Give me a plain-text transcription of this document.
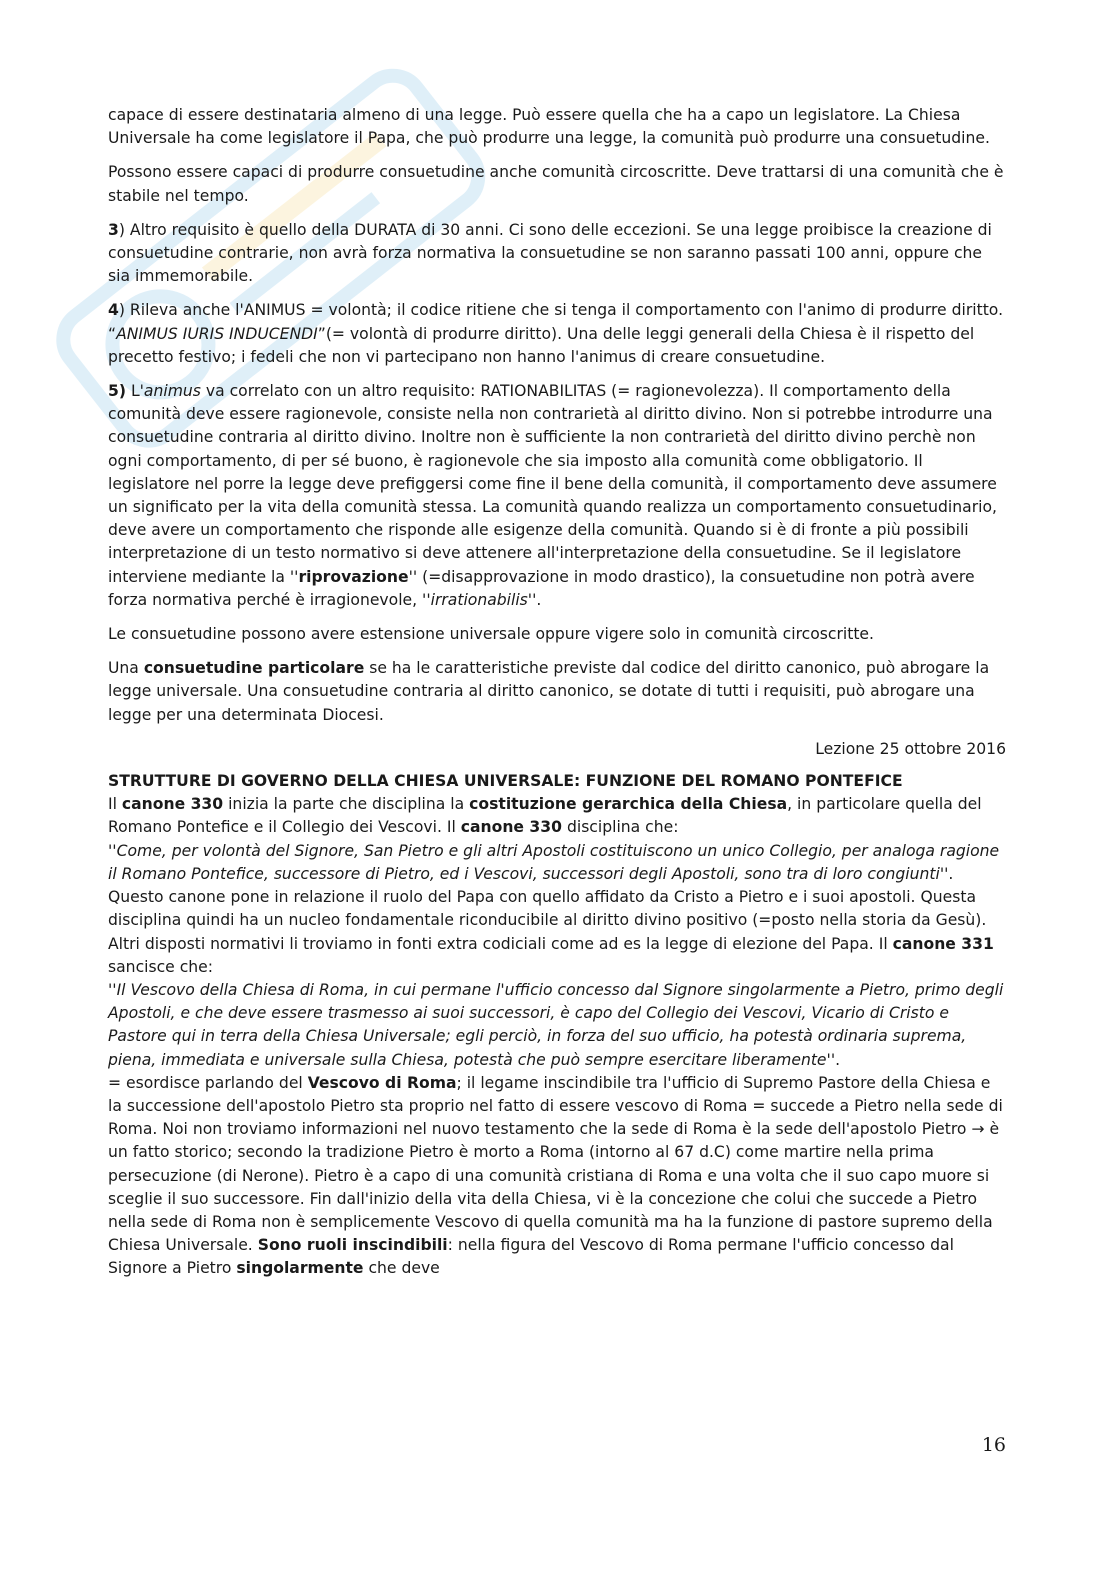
capace di essere destinataria almeno di una legge. Può essere quella che ha a capo un legislatore. La Chiesa Universale ha come legislatore il Papa, che può produrre una legge, la comunità può produrre una consuetudine.

Possono essere capaci di produrre consuetudine anche comunità circoscritte. Deve trattarsi di una comunità che è stabile nel tempo.

3) Altro requisito è quello della DURATA di 30 anni. Ci sono delle eccezioni. Se una legge proibisce la creazione di consuetudine contrarie, non avrà forza normativa la consuetudine se non saranno passati 100 anni, oppure che sia immemorabile.

4) Rileva anche l'ANIMUS = volontà; il codice ritiene che si tenga il comportamento con l'animo di produrre diritto. “ANIMUS IURIS INDUCENDI”(= volontà di produrre diritto). Una delle leggi generali della Chiesa è il rispetto del precetto festivo; i fedeli che non vi partecipano non hanno l'animus di creare consuetudine.

5) L'animus va correlato con un altro requisito: RATIONABILITAS (= ragionevolezza). Il comportamento della comunità deve essere ragionevole, consiste nella non contrarietà al diritto divino. Non si potrebbe introdurre una consuetudine contraria al diritto divino. Inoltre non è sufficiente la non contrarietà del diritto divino perchè non ogni comportamento, di per sé buono, è ragionevole che sia imposto alla comunità come obbligatorio. Il legislatore nel porre la legge deve prefiggersi come fine il bene della comunità, il comportamento deve assumere un significato per la vita della comunità stessa. La comunità quando realizza un comportamento consuetudinario, deve avere un comportamento che risponde alle esigenze della comunità. Quando si è di fronte a più possibili interpretazione di un testo normativo si deve attenere all'interpretazione della consuetudine. Se il legislatore interviene mediante la ''riprovazione'' (=disapprovazione in modo drastico), la consuetudine non potrà avere forza normativa perché è irragionevole, ''irrationabilis''.

Le consuetudine possono avere estensione universale oppure vigere solo in comunità circoscritte.

Una consuetudine particolare se ha le caratteristiche previste dal codice del diritto canonico, può abrogare la legge universale. Una consuetudine contraria al diritto canonico, se dotate di tutti i requisiti, può abrogare una legge per una determinata Diocesi.

Lezione 25 ottobre 2016

STRUTTURE DI GOVERNO DELLA CHIESA UNIVERSALE: FUNZIONE DEL ROMANO PONTEFICE

Il canone 330 inizia la parte che disciplina la costituzione gerarchica della Chiesa, in particolare quella del Romano Pontefice e il Collegio dei Vescovi. Il canone 330 disciplina che:

''Come, per volontà del Signore, San Pietro e gli altri Apostoli costituiscono un unico Collegio, per analoga ragione il Romano Pontefice, successore di Pietro, ed i Vescovi, successori degli Apostoli, sono tra di loro congiunti''.

Questo canone pone in relazione il ruolo del Papa con quello affidato da Cristo a Pietro e i suoi apostoli. Questa disciplina quindi ha un nucleo fondamentale riconducibile al diritto divino positivo (=posto nella storia da Gesù). Altri disposti normativi li troviamo in fonti extra codiciali come ad es la legge di elezione del Papa. Il canone 331 sancisce che:

''Il Vescovo della Chiesa di Roma, in cui permane l'ufficio concesso dal Signore singolarmente a Pietro, primo degli Apostoli, e che deve essere trasmesso ai suoi successori, è capo del Collegio dei Vescovi, Vicario di Cristo e Pastore qui in terra della Chiesa Universale; egli perciò, in forza del suo ufficio, ha potestà ordinaria suprema, piena, immediata e universale sulla Chiesa, potestà che può sempre esercitare liberamente''.

= esordisce parlando del Vescovo di Roma; il legame inscindibile tra l'ufficio di Supremo Pastore della Chiesa e la successione dell'apostolo Pietro sta proprio nel fatto di essere vescovo di Roma = succede a Pietro nella sede di Roma. Noi non troviamo informazioni nel nuovo testamento che la sede di Roma è la sede dell'apostolo Pietro → è un fatto storico; secondo la tradizione Pietro è morto a Roma (intorno al 67 d.C) come martire nella prima persecuzione (di Nerone). Pietro è a capo di una comunità cristiana di Roma e una volta che il suo capo muore si sceglie il suo successore. Fin dall'inizio della vita della Chiesa, vi è la concezione che colui che succede a Pietro nella sede di Roma non è semplicemente Vescovo di quella comunità ma ha la funzione di pastore supremo della Chiesa Universale. Sono ruoli inscindibili: nella figura del Vescovo di Roma permane l'ufficio concesso dal Signore a Pietro singolarmente che deve

16
